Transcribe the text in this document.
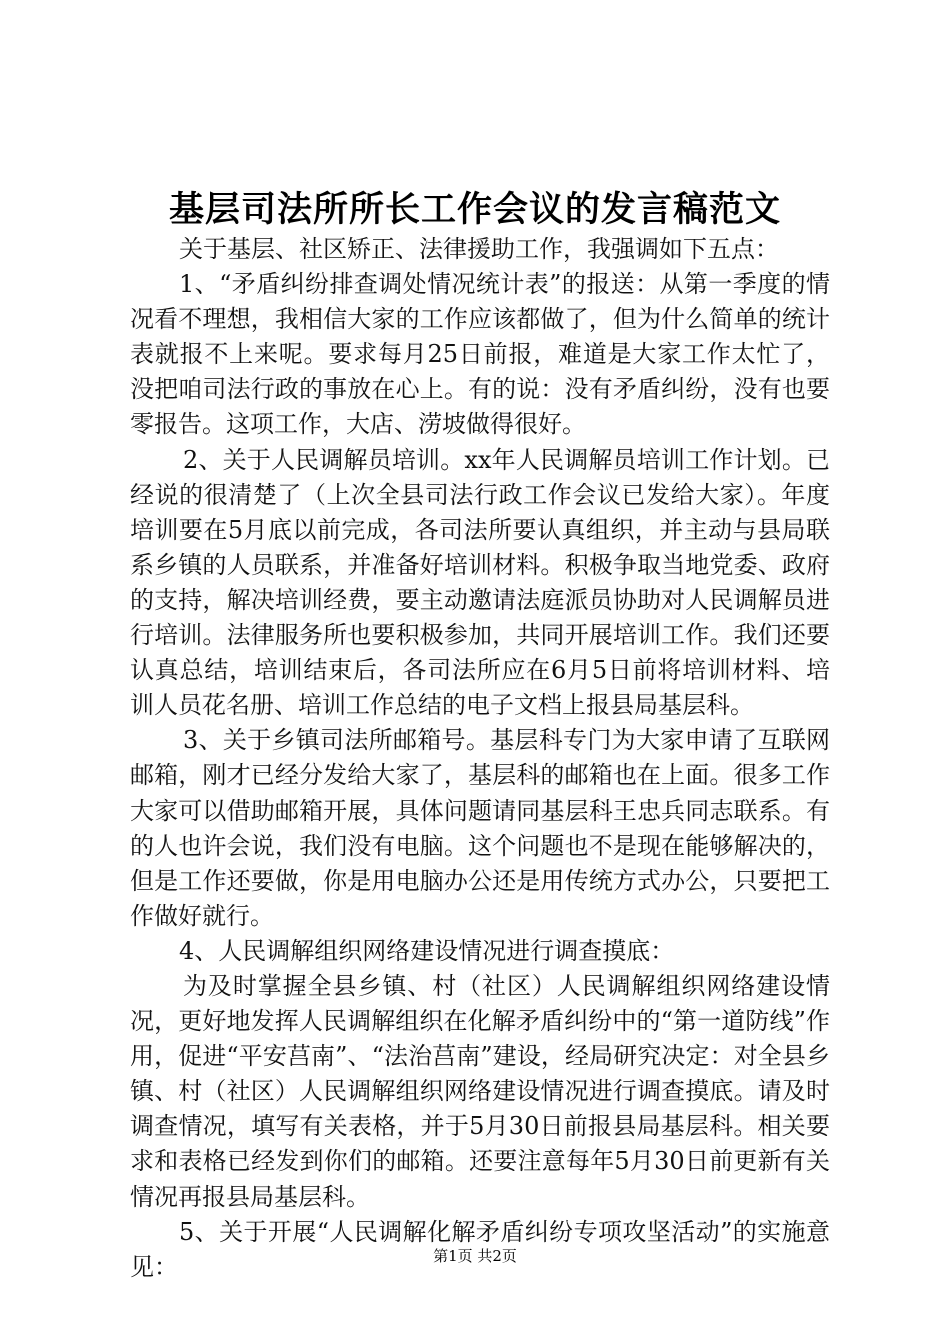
基层司法所所长工作会议的发言稿范文

关于基层、社区矫正、法律援助工作，我强调如下五点：

1、“矛盾纠纷排查调处情况统计表”的报送：从第一季度的情况看不理想，我相信大家的工作应该都做了，但为什么简单的统计表就报不上来呢。要求每月25日前报，难道是大家工作太忙了，没把咱司法行政的事放在心上。有的说：没有矛盾纠纷，没有也要零报告。这项工作，大店、涝坡做得很好。

2、关于人民调解员培训。xx年人民调解员培训工作计划。已经说的很清楚了（上次全县司法行政工作会议已发给大家）。年度培训要在5月底以前完成，各司法所要认真组织，并主动与县局联系乡镇的人员联系，并准备好培训材料。积极争取当地党委、政府的支持，解决培训经费，要主动邀请法庭派员协助对人民调解员进行培训。法律服务所也要积极参加，共同开展培训工作。我们还要认真总结，培训结束后，各司法所应在6月5日前将培训材料、培训人员花名册、培训工作总结的电子文档上报县局基层科。

3、关于乡镇司法所邮箱号。基层科专门为大家申请了互联网邮箱，刚才已经分发给大家了，基层科的邮箱也在上面。很多工作大家可以借助邮箱开展，具体问题请同基层科王忠兵同志联系。有的人也许会说，我们没有电脑。这个问题也不是现在能够解决的，但是工作还要做，你是用电脑办公还是用传统方式办公，只要把工作做好就行。

4、人民调解组织网络建设情况进行调查摸底：

为及时掌握全县乡镇、村（社区）人民调解组织网络建设情况，更好地发挥人民调解组织在化解矛盾纠纷中的“第一道防线”作用，促进“平安莒南”、“法治莒南”建设，经局研究决定：对全县乡镇、村（社区）人民调解组织网络建设情况进行调查摸底。请及时调查情况，填写有关表格，并于5月30日前报县局基层科。相关要求和表格已经发到你们的邮箱。还要注意每年5月30日前更新有关情况再报县局基层科。

5、关于开展“人民调解化解矛盾纠纷专项攻坚活动”的实施意见：	第1页 共2页
